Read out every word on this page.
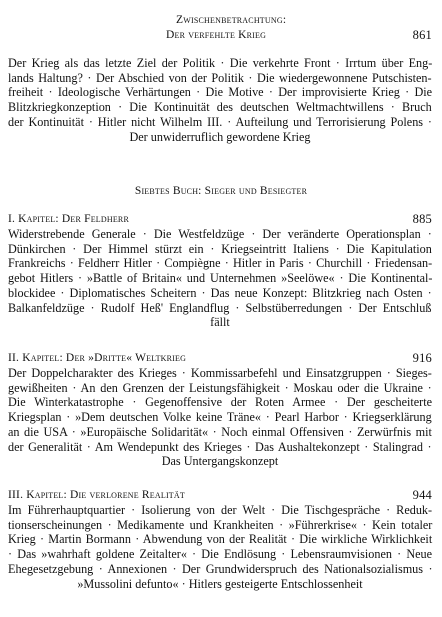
Zwischenbetrachtung:
Der verfehlte Krieg	861
Der Krieg als das letzte Ziel der Politik · Die verkehrte Front · Irrtum über Eng-
lands Haltung? · Der Abschied von der Politik · Die wiedergewonnene Putschisten-
freiheit · Ideologische Verhärtungen · Die Motive · Der improvisierte Krieg · Die
Blitzkriegkonzeption · Die Kontinuität des deutschen Weltmachtwillens · Bruch
der Kontinuität · Hitler nicht Wilhelm III. · Aufteilung und Terrorisierung Polens ·
Der unwiderruflich gewordene Krieg
Siebtes Buch: Sieger und Besiegter
I. Kapitel: Der Feldherr	885
Widerstrebende Generale · Die Westfeldzüge · Der veränderte Operationsplan ·
Dünkirchen · Der Himmel stürzt ein · Kriegseintritt Italiens · Die Kapitulation
Frankreichs · Feldherr Hitler · Compiègne · Hitler in Paris · Churchill · Friedensan-
gebot Hitlers · »Battle of Britain« und Unternehmen »Seelöwe« · Die Kontinental-
blockidee · Diplomatisches Scheitern · Das neue Konzept: Blitzkrieg nach Osten ·
Balkanfeldzüge · Rudolf Heß' Englandflug · Selbstüberredungen · Der Entschluß
fällt
II. Kapitel: Der »Dritte« Weltkrieg	916
Der Doppelcharakter des Krieges · Kommissarbefehl und Einsatzgruppen · Sieges-
gewißheiten · An den Grenzen der Leistungsfähigkeit · Moskau oder die Ukraine ·
Die Winterkatastrophe · Gegenoffensive der Roten Armee · Der gescheiterte
Kriegsplan · »Dem deutschen Volke keine Träne« · Pearl Harbor · Kriegserklärung
an die USA · »Europäische Solidarität« · Noch einmal Offensiven · Zerwürfnis mit
der Generalität · Am Wendepunkt des Krieges · Das Aushaltekonzept · Stalingrad ·
Das Untergangskonzept
III. Kapitel: Die verlorene Realität	944
Im Führerhauptquartier · Isolierung von der Welt · Die Tischgespräche · Reduk-
tionserscheinungen · Medikamente und Krankheiten · »Führerkrise« · Kein totaler
Krieg · Martin Bormann · Abwendung von der Realität · Die wirkliche Wirklichkeit
· Das »wahrhaft goldene Zeitalter« · Die Endlösung · Lebensraumvisionen · Neue
Ehegesetzgebung · Annexionen · Der Grundwiderspruch des Nationalsozialismus ·
»Mussolini defunto« · Hitlers gesteigerte Entschlossenheit
